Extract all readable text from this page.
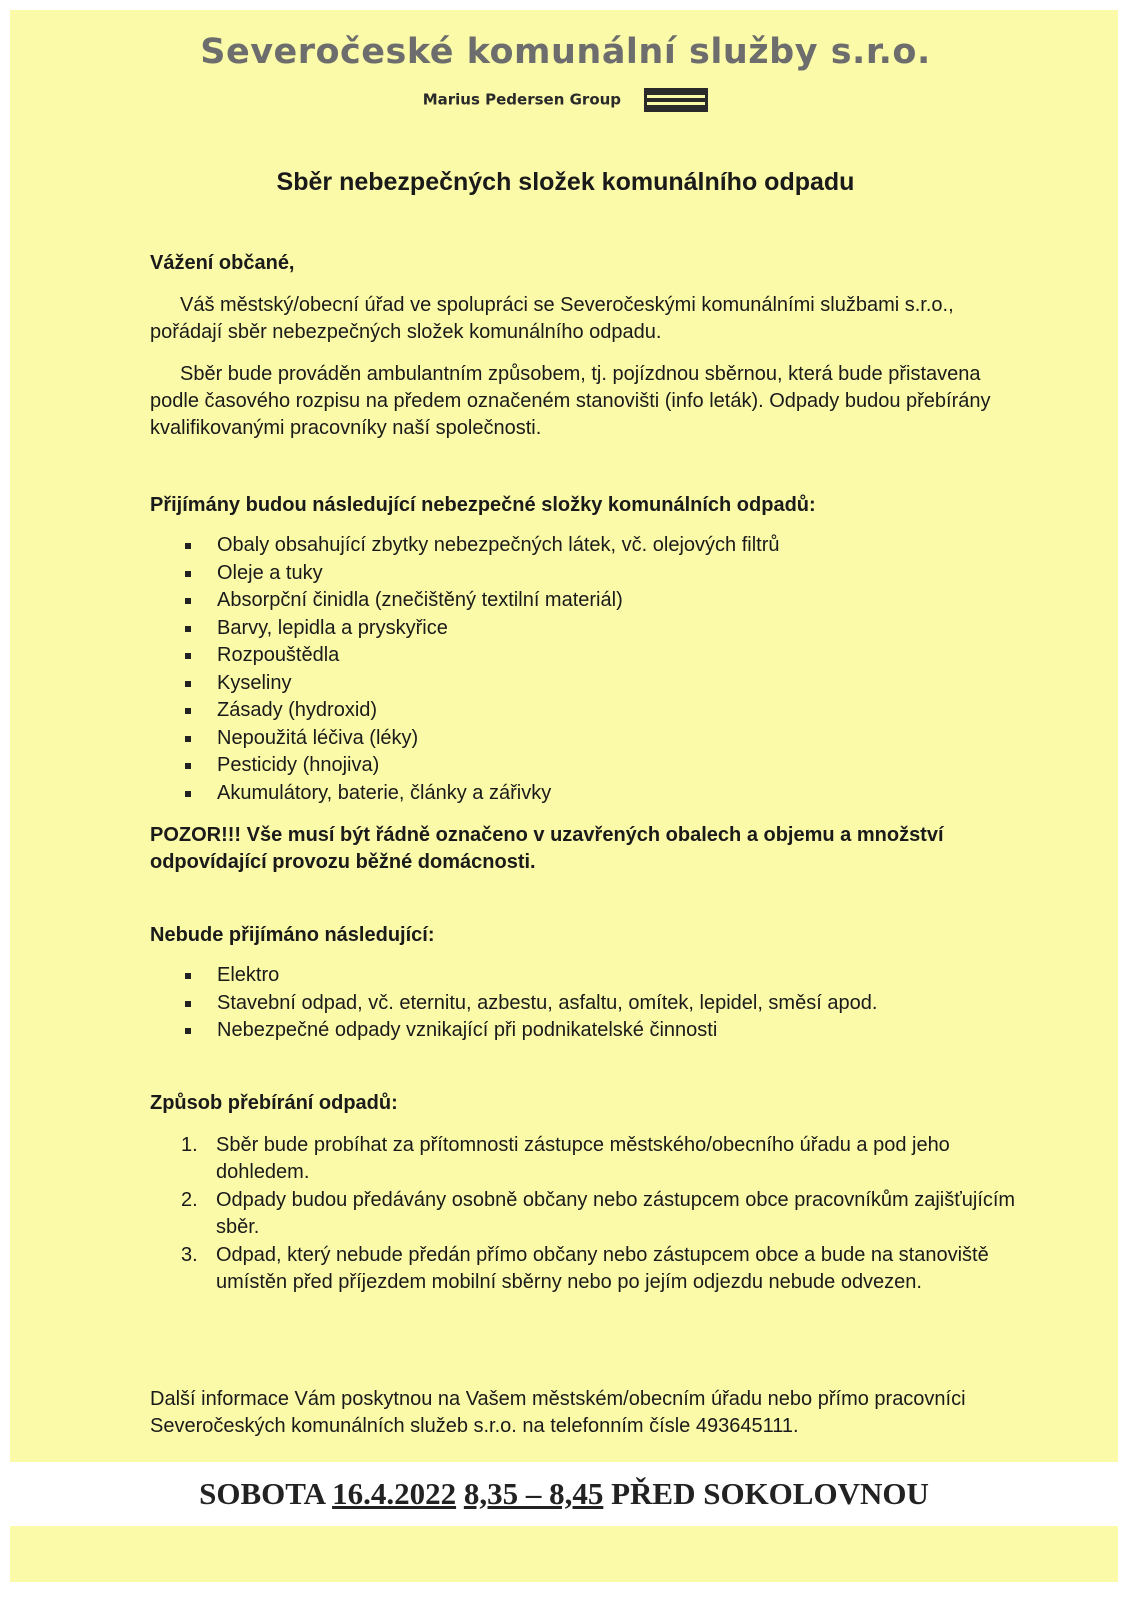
Severočeské komunální služby s.r.o.
Marius Pedersen Group
Sběr nebezpečných složek komunálního odpadu
Vážení občané,
Váš městský/obecní úřad ve spolupráci se Severočeskými komunálními službami s.r.o., pořádají sběr nebezpečných složek komunálního odpadu.
Sběr bude prováděn ambulantním způsobem, tj. pojízdnou sběrnou, která bude přistavena podle časového rozpisu na předem označeném stanovišti (info leták). Odpady budou přebírány kvalifikovanými pracovníky naší společnosti.
Přijímány budou následující nebezpečné složky komunálních odpadů:
Obaly obsahující zbytky nebezpečných látek, vč. olejových filtrů
Oleje a tuky
Absorpční činidla (znečištěný textilní materiál)
Barvy, lepidla a pryskyřice
Rozpouštědla
Kyseliny
Zásady (hydroxid)
Nepoužitá léčiva (léky)
Pesticidy (hnojiva)
Akumulátory, baterie, články a zářivky
POZOR!!! Vše musí být řádně označeno v uzavřených obalech a objemu a množství odpovídající provozu běžné domácnosti.
Nebude přijímáno následující:
Elektro
Stavební odpad, vč. eternitu, azbestu, asfaltu, omítek, lepidel, směsí apod.
Nebezpečné odpady vznikající při podnikatelské činnosti
Způsob přebírání odpadů:
1. Sběr bude probíhat za přítomnosti zástupce městského/obecního úřadu a pod jeho dohledem.
2. Odpady budou předávány osobně občany nebo zástupcem obce pracovníkům zajišťujícím sběr.
3. Odpad, který nebude předán přímo občany nebo zástupcem obce a bude na stanoviště umístěn před příjezdem mobilní sběrny nebo po jejím odjezdu nebude odvezen.
Další informace Vám poskytnou na Vašem městském/obecním úřadu nebo přímo pracovníci Severočeských komunálních služeb s.r.o. na telefonním čísle 493645111.
SOBOTA 16.4.2022 8,35 – 8,45 PŘED SOKOLOVNOU
